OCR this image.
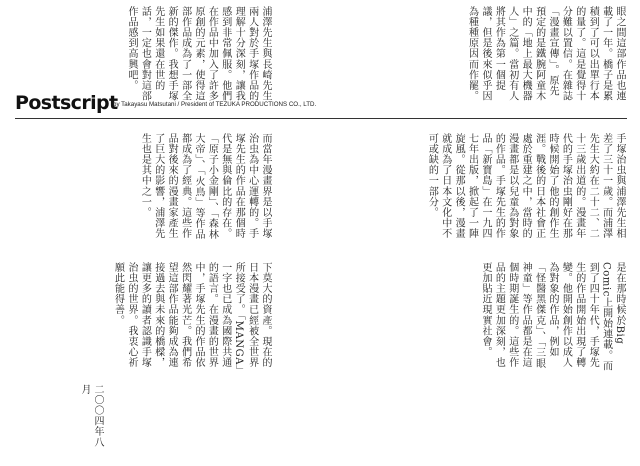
眼之間這部作品也連載了一年。橋子是累積到了可以出單行本的量了。這是覺得十分難以置信。在雜誌「漫畫宣傳」。原先預定的是鐵腕阿童木中的「地上最大機器人」之篇。當初有人將其作為第一個提議，但是後來似乎因為種種原因而作罷。
浦澤先生與長崎先生兩人對於手塚作品的理解十分深刻，讓我感到非常佩服。他們在作品中加入了許多原創的元素，使得這部作品成為了一部全新的傑作。我想手塚先生如果還在世的話，一定也會對這部作品感到高興吧。
Postscript
by Takayasu Matsutani / President of TEZUKA PRODUCTIONS CO., LTD.
手塚治虫與浦澤先生相差了三十一歲。而浦澤先生大約在二十二、二十三歲出道的。漫畫年代的手塚治虫剛好在那時候開始了他的創作生涯。戰後的日本社會正處於重建之中，當時的漫畫都是以兒童為對象的作品。手塚先生的作品「新寶島」在一九四七年出版，掀起了一陣旋風。從那以後，漫畫就成為了日本文化中不可或缺的一部分。
而當年漫畫界是以手塚治虫為中心運轉的。手塚先生的作品在那個時代是無與倫比的存在。「原子小金剛」、「森林大帝」、「火鳥」等作品都成為了經典。這些作品對後來的漫畫家產生了巨大的影響，浦澤先生也是其中之一。
是在那時候於Big Comic上開始連載。而到了四十年代，手塚先生的作品開始出現了轉變。他開始創作以成人為對象的作品，例如「怪醫黑傑克」、「三眼神童」等作品都是在這個時期誕生的。這些作品的主題更加深刻，也更加貼近現實社會。
下莫大的資產。現在的日本漫畫已經被全世界所接受了。「MANGA」一字也已成為國際共通的語言。在漫畫的世界中，手塚先生的作品依然閃耀著光芒。我們希望這部作品能夠成為連接過去與未來的橋樑，讓更多的讀者認識手塚治虫的世界。我衷心祈願此能得善。
二〇〇四年八月
